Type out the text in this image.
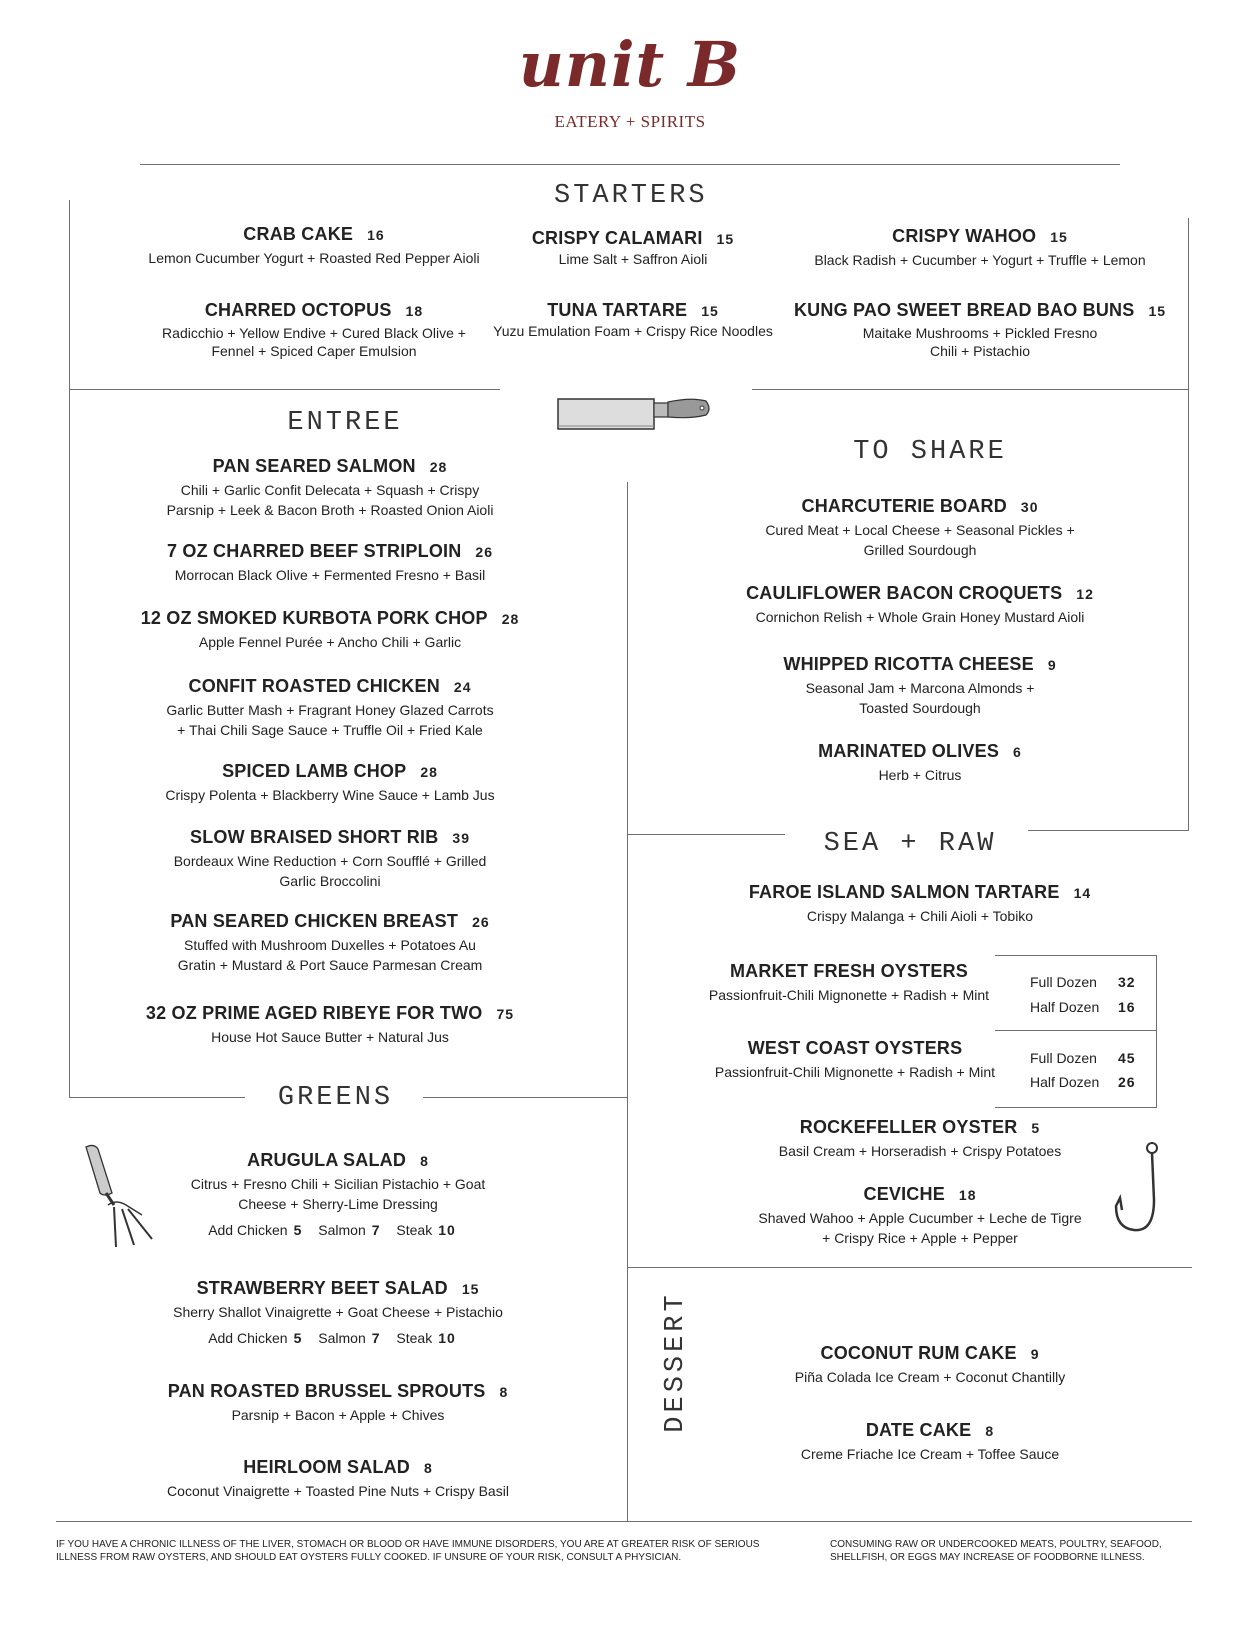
unit B
EATERY + SPIRITS
STARTERS
ENTREE
TO SHARE
SEA + RAW
GREENS
DESSERT
CRAB CAKE 16
Lemon Cucumber Yogurt + Roasted Red Pepper Aioli
CRISPY CALAMARI 15
Lime Salt + Saffron Aioli
CRISPY WAHOO 15
Black Radish + Cucumber + Yogurt + Truffle + Lemon
CHARRED OCTOPUS 18
Radicchio + Yellow Endive + Cured Black Olive +
Fennel + Spiced Caper Emulsion
TUNA TARTARE 15
Yuzu Emulation Foam + Crispy Rice Noodles
KUNG PAO SWEET BREAD BAO BUNS 15
Maitake Mushrooms + Pickled Fresno
Chili + Pistachio
PAN SEARED SALMON 28
Chili + Garlic Confit Delecata + Squash + Crispy
Parsnip + Leek & Bacon Broth + Roasted Onion Aioli
7 OZ CHARRED BEEF STRIPLOIN 26
Morrocan Black Olive + Fermented Fresno + Basil
12 OZ SMOKED KURBOTA PORK CHOP 28
Apple Fennel Purée + Ancho Chili + Garlic
CONFIT ROASTED CHICKEN 24
Garlic Butter Mash + Fragrant Honey Glazed Carrots
+ Thai Chili Sage Sauce + Truffle Oil + Fried Kale
SPICED LAMB CHOP 28
Crispy Polenta + Blackberry Wine Sauce + Lamb Jus
SLOW BRAISED SHORT RIB 39
Bordeaux Wine Reduction + Corn Soufflé + Grilled
Garlic Broccolini
PAN SEARED CHICKEN BREAST 26
Stuffed with Mushroom Duxelles + Potatoes Au
Gratin + Mustard & Port Sauce Parmesan Cream
32 OZ PRIME AGED RIBEYE FOR TWO 75
House Hot Sauce Butter + Natural Jus
CHARCUTERIE BOARD 30
Cured Meat + Local Cheese + Seasonal Pickles +
Grilled Sourdough
CAULIFLOWER BACON CROQUETS 12
Cornichon Relish + Whole Grain Honey Mustard Aioli
WHIPPED RICOTTA CHEESE 9
Seasonal Jam + Marcona Almonds +
Toasted Sourdough
MARINATED OLIVES 6
Herb + Citrus
FAROE ISLAND SALMON TARTARE 14
Crispy Malanga + Chili Aioli + Tobiko
MARKET FRESH OYSTERS
Passionfruit-Chili Mignonette + Radish + Mint
WEST COAST OYSTERS
Passionfruit-Chili Mignonette + Radish + Mint
Full Dozen 32
Half Dozen 16
Full Dozen 45
Half Dozen 26
ROCKEFELLER OYSTER 5
Basil Cream + Horseradish + Crispy Potatoes
CEVICHE 18
Shaved Wahoo + Apple Cucumber + Leche de Tigre
+ Crispy Rice + Apple + Pepper
ARUGULA SALAD 8
Citrus + Fresno Chili + Sicilian Pistachio + Goat
Cheese + Sherry-Lime Dressing
Add Chicken 5 Salmon 7 Steak 10
STRAWBERRY BEET SALAD 15
Sherry Shallot Vinaigrette + Goat Cheese + Pistachio
Add Chicken 5 Salmon 7 Steak 10
PAN ROASTED BRUSSEL SPROUTS 8
Parsnip + Bacon + Apple + Chives
HEIRLOOM SALAD 8
Coconut Vinaigrette + Toasted Pine Nuts + Crispy Basil
COCONUT RUM CAKE 9
Piña Colada Ice Cream + Coconut Chantilly
DATE CAKE 8
Creme Friache Ice Cream + Toffee Sauce
IF YOU HAVE A CHRONIC ILLNESS OF THE LIVER, STOMACH OR BLOOD OR HAVE IMMUNE DISORDERS, YOU ARE AT GREATER RISK OF SERIOUS
ILLNESS FROM RAW OYSTERS, AND SHOULD EAT OYSTERS FULLY COOKED. IF UNSURE OF YOUR RISK, CONSULT A PHYSICIAN.
CONSUMING RAW OR UNDERCOOKED MEATS, POULTRY, SEAFOOD,
SHELLFISH, OR EGGS MAY INCREASE OF FOODBORNE ILLNESS.
